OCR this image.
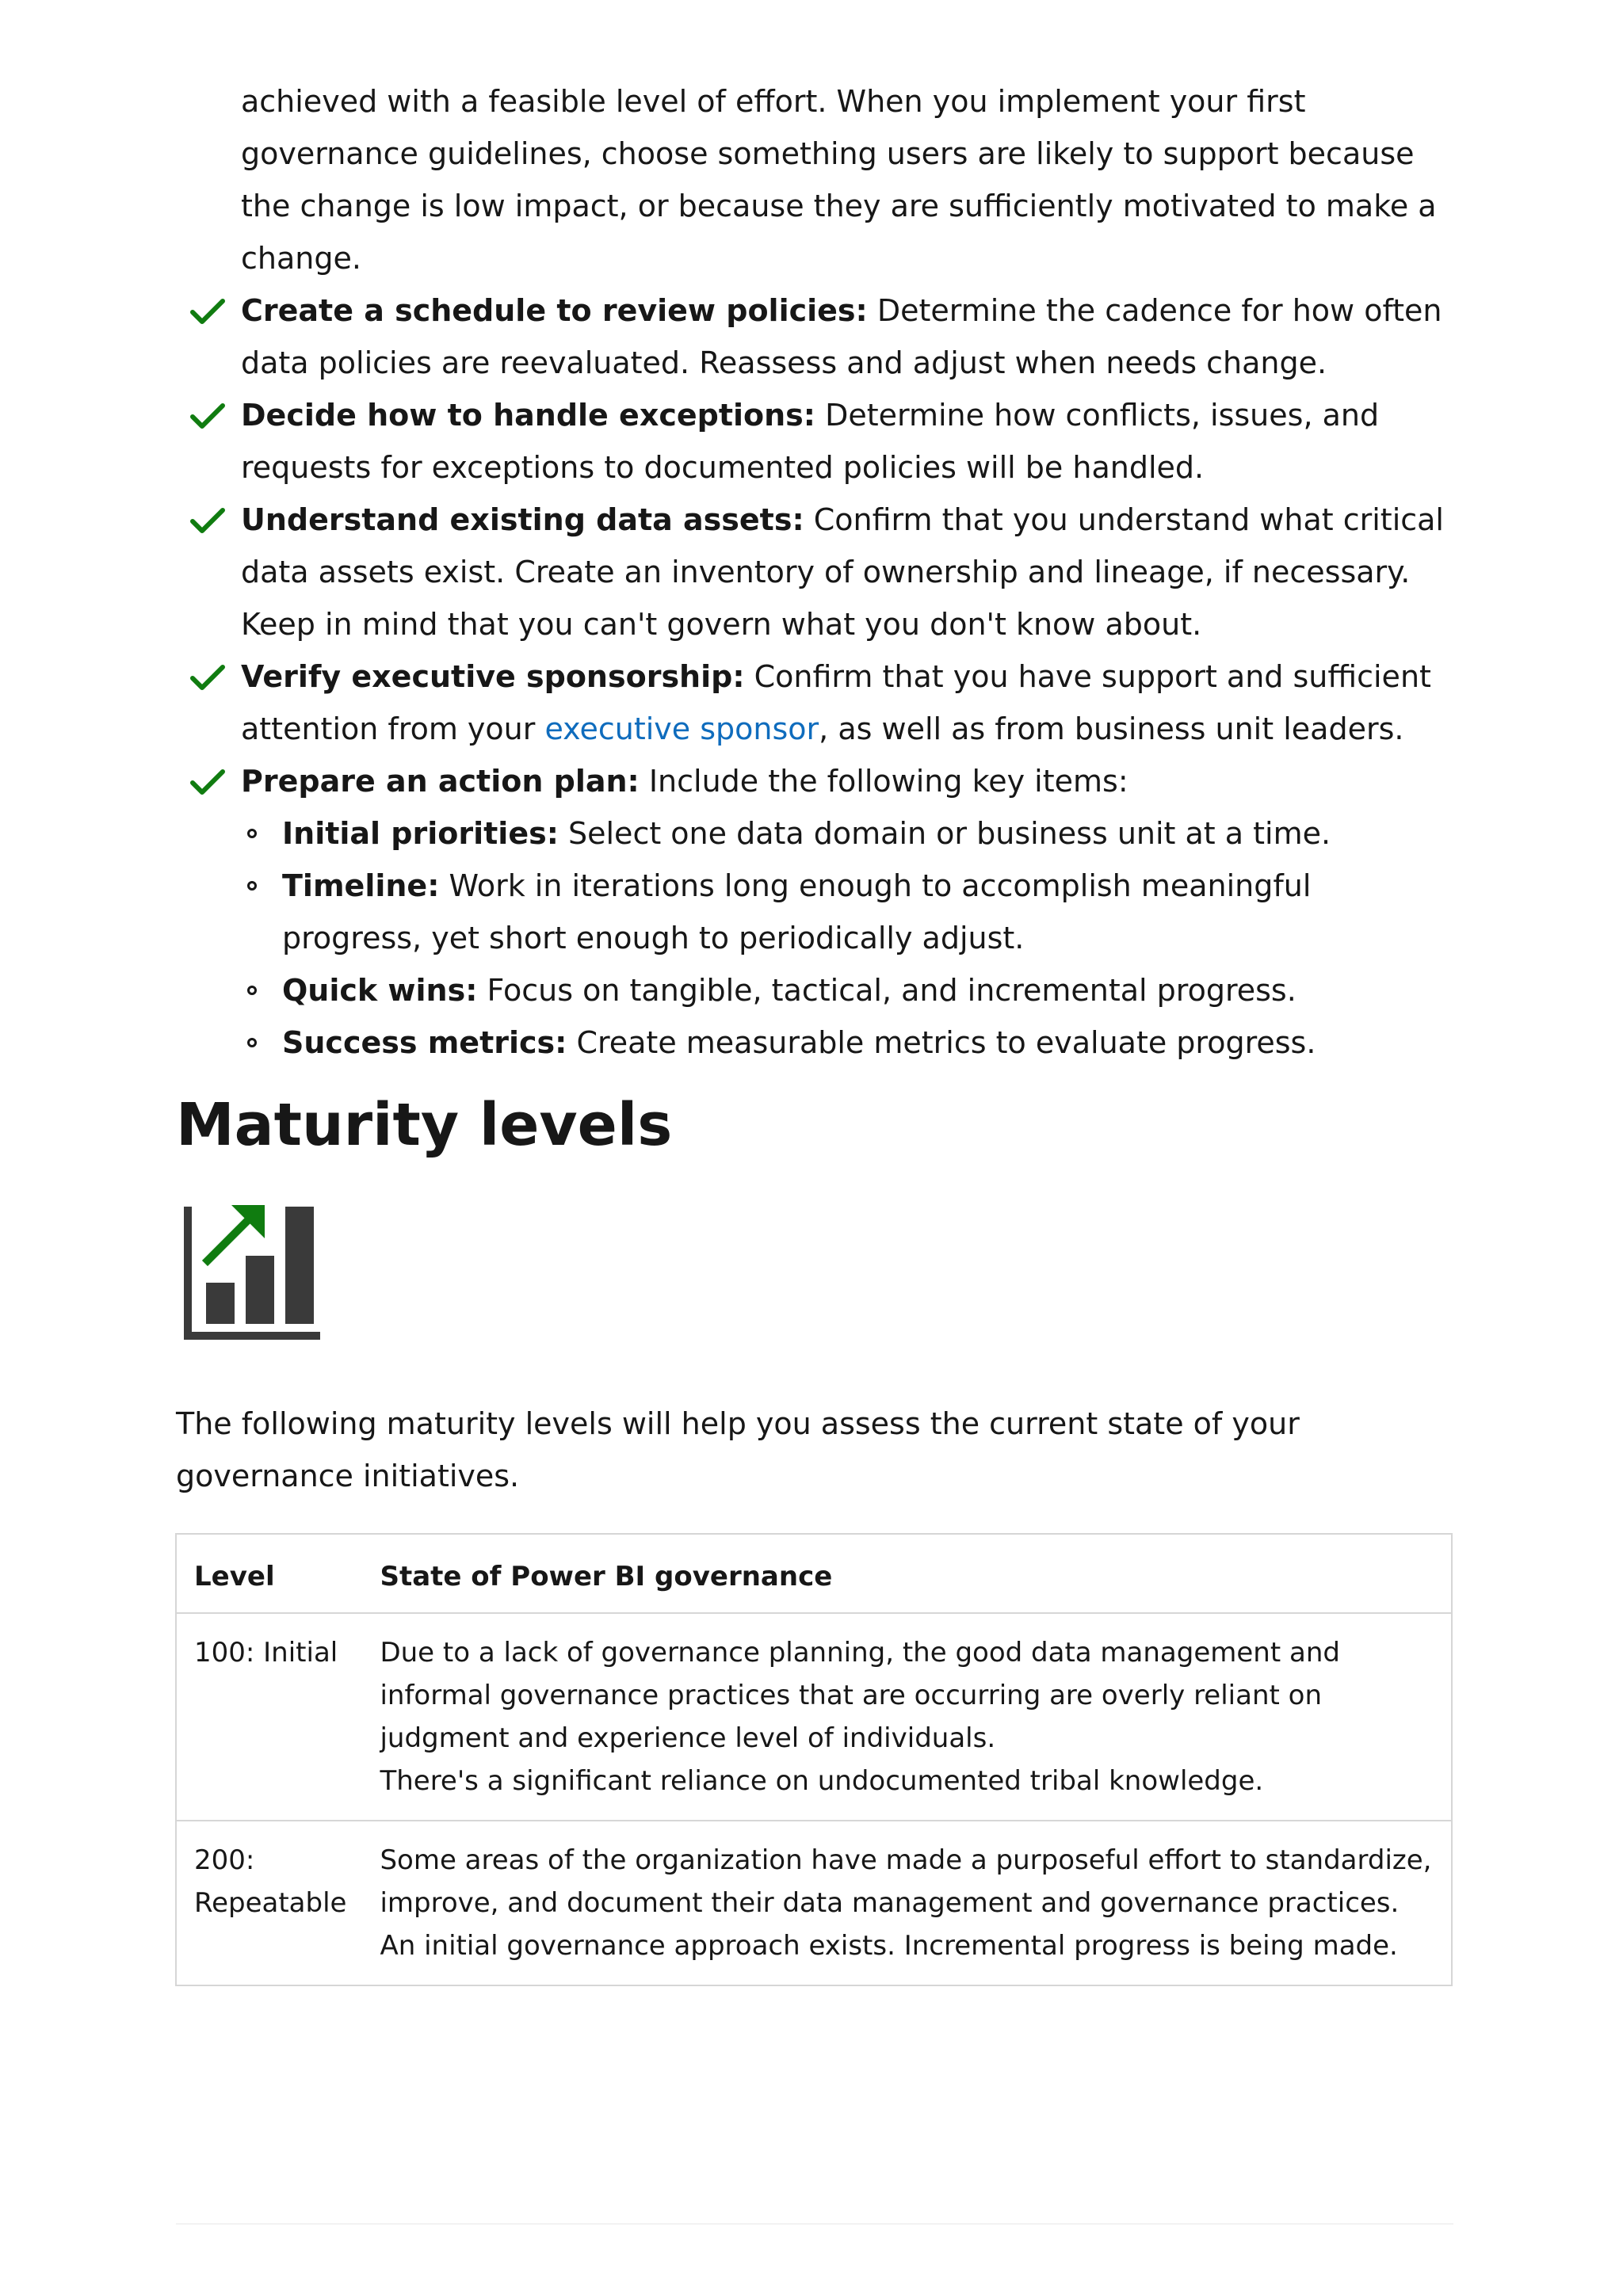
achieved with a feasible level of effort. When you implement your first governance guidelines, choose something users are likely to support because the change is low impact, or because they are sufficiently motivated to make a change.

Create a schedule to review policies: Determine the cadence for how often data policies are reevaluated. Reassess and adjust when needs change.
Decide how to handle exceptions: Determine how conflicts, issues, and requests for exceptions to documented policies will be handled.
Understand existing data assets: Confirm that you understand what critical data assets exist. Create an inventory of ownership and lineage, if necessary. Keep in mind that you can't govern what you don't know about.
Verify executive sponsorship: Confirm that you have support and sufficient attention from your executive sponsor, as well as from business unit leaders.
Prepare an action plan: Include the following key items:
Initial priorities: Select one data domain or business unit at a time.
Timeline: Work in iterations long enough to accomplish meaningful progress, yet short enough to periodically adjust.
Quick wins: Focus on tangible, tactical, and incremental progress.
Success metrics: Create measurable metrics to evaluate progress.
Maturity levels

The following maturity levels will help you assess the current state of your governance initiatives.

Level	State of Power BI governance
100: Initial	Due to a lack of governance planning, the good data management and informal governance practices that are occurring are overly reliant on judgment and experience level of individuals.

There's a significant reliance on undocumented tribal knowledge.

200: Repeatable	Some areas of the organization have made a purposeful effort to standardize, improve, and document their data management and governance practices.

An initial governance approach exists. Incremental progress is being made.
